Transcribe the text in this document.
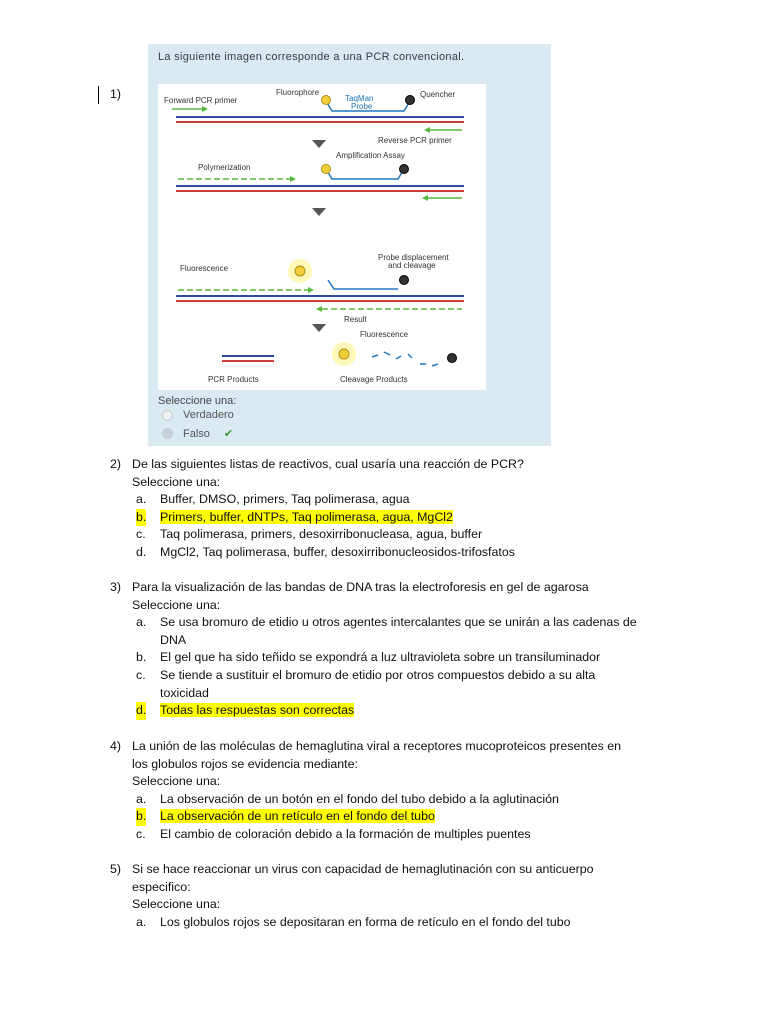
1)
La siguiente imagen corresponde a una PCR convencional.
Forward PCR primer
Fluorophore
TaqMan
Probe
Quencher
Reverse PCR primer
Amplification Assay
Polymerization
Fluorescence
Probe displacement
and cleavage
Result
Fluorescence
PCR Products	Cleavage Products
Seleccione una:
Verdadero
Falso ✔
2) De las siguientes listas de reactivos, cual usaría una reacción de PCR?
Seleccione una:
a. Buffer, DMSO, primers, Taq polimerasa, agua
b. Primers, buffer, dNTPs, Taq polimerasa, agua, MgCl2
c. Taq polimerasa, primers, desoxirribonucleasa, agua, buffer
d. MgCl2, Taq polimerasa, buffer, desoxirribonucleosidos-trifosfatos
3) Para la visualización de las bandas de DNA tras la electroforesis en gel de agarosa
Seleccione una:
a. Se usa bromuro de etidio u otros agentes intercalantes que se unirán a las cadenas de
DNA
b. El gel que ha sido teñido se expondrá a luz ultravioleta sobre un transiluminador
c. Se tiende a sustituir el bromuro de etidio por otros compuestos debido a su alta
toxicidad
d. Todas las respuestas son correctas
4) La unión de las moléculas de hemaglutina viral a receptores mucoproteicos presentes en
los globulos rojos se evidencia mediante:
Seleccione una:
a. La observación de un botón en el fondo del tubo debido a la aglutinación
b. La observación de un retículo en el fondo del tubo
c. El cambio de coloración debido a la formación de multiples puentes
5) Si se hace reaccionar un virus con capacidad de hemaglutinación con su anticuerpo
especifico:
Seleccione una:
a. Los globulos rojos se depositaran en forma de retículo en el fondo del tubo
